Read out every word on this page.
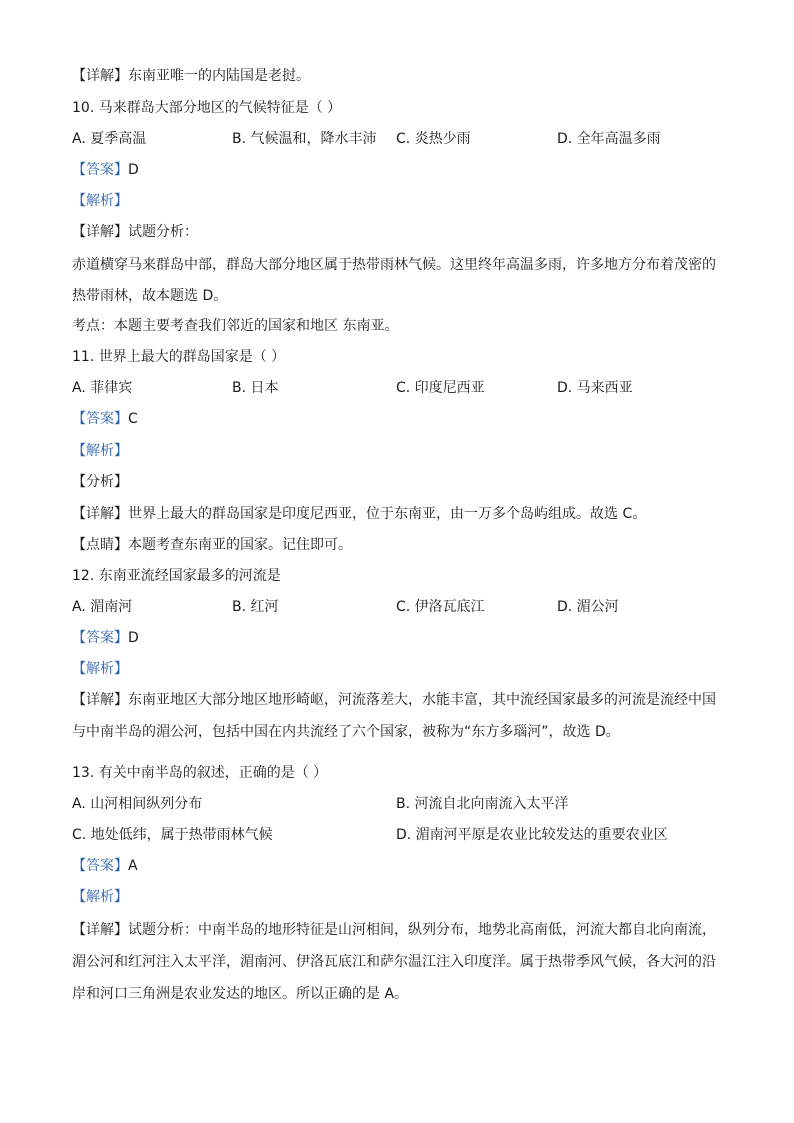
【详解】东南亚唯一的内陆国是老挝。
10. 马来群岛大部分地区的气候特征是（ ）
A. 夏季高温	B. 气候温和，降水丰沛 C. 炎热少雨	D. 全年高温多雨
【答案】D
【解析】
【详解】试题分析：
赤道横穿马来群岛中部，群岛大部分地区属于热带雨林气候。这里终年高温多雨，许多地方分布着茂密的
热带雨林，故本题选 D。
考点：本题主要考查我们邻近的国家和地区 东南亚。
11. 世界上最大的群岛国家是（ ）
A. 菲律宾	B. 日本	C. 印度尼西亚	D. 马来西亚
【答案】C
【解析】
【分析】
【详解】世界上最大的群岛国家是印度尼西亚，位于东南亚，由一万多个岛屿组成。故选 C。
【点睛】本题考查东南亚的国家。记住即可。
12. 东南亚流经国家最多的河流是
A. 湄南河	B. 红河	C. 伊洛瓦底江	D. 湄公河
【答案】D
【解析】
【详解】东南亚地区大部分地区地形崎岖，河流落差大，水能丰富，其中流经国家最多的河流是流经中国
与中南半岛的湄公河，包括中国在内共流经了六个国家，被称为“东方多瑙河”，故选 D。
13. 有关中南半岛的叙述，正确的是（ ）
A. 山河相间纵列分布	B. 河流自北向南流入太平洋
C. 地处低纬，属于热带雨林气候	D. 湄南河平原是农业比较发达的重要农业区
【答案】A
【解析】
【详解】试题分析：中南半岛的地形特征是山河相间，纵列分布，地势北高南低，河流大都自北向南流，
湄公河和红河注入太平洋，湄南河、伊洛瓦底江和萨尔温江注入印度洋。属于热带季风气候，各大河的沿
岸和河口三角洲是农业发达的地区。所以正确的是 A。
